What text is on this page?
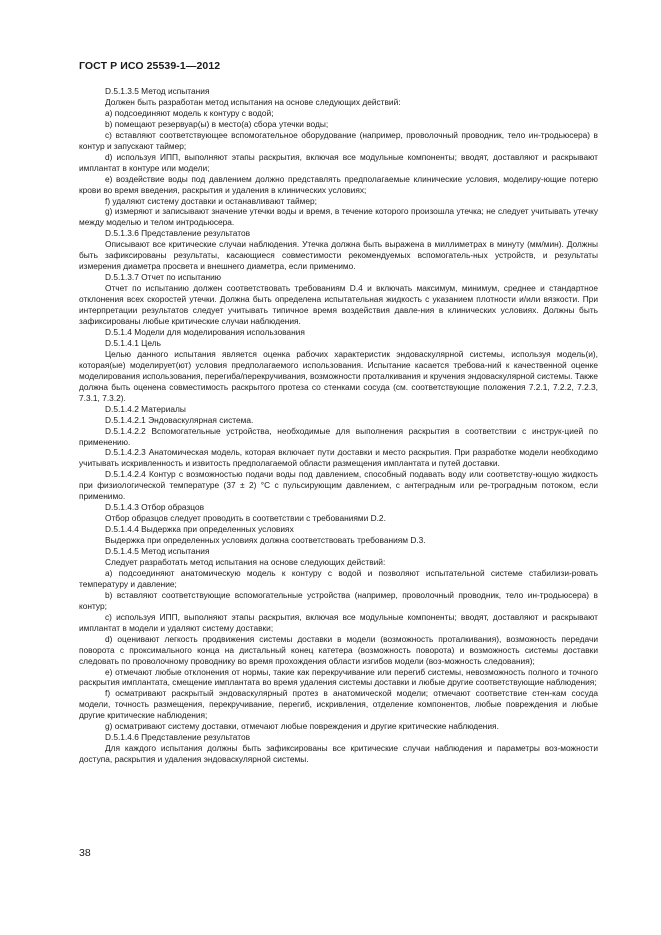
ГОСТ Р ИСО 25539-1—2012

D.5.1.3.5 Метод испытания

Должен быть разработан метод испытания на основе следующих действий:

a) подсоединяют модель к контуру с водой;

b) помещают резервуар(ы) в место(а) сбора утечки воды;

c) вставляют соответствующее вспомогательное оборудование (например, проволочный проводник, тело ин-тродьюсера) в контур и запускают таймер;

d) используя ИПП, выполняют этапы раскрытия, включая все модульные компоненты; вводят, доставляют и раскрывают имплантат в контуре или модели;

e) воздействие воды под давлением должно представлять предполагаемые клинические условия, моделиру-ющие потерю крови во время введения, раскрытия и удаления в клинических условиях;

f) удаляют систему доставки и останавливают таймер;

g) измеряют и записывают значение утечки воды и время, в течение которого произошла утечка; не следует учитывать утечку между моделью и телом интродьюсера.

D.5.1.3.6 Представление результатов

Описывают все критические случаи наблюдения. Утечка должна быть выражена в миллиметрах в минуту (мм/мин). Должны быть зафиксированы результаты, касающиеся совместимости рекомендуемых вспомогатель-ных устройств, и результаты измерения диаметра просвета и внешнего диаметра, если применимо.

D.5.1.3.7 Отчет по испытанию

Отчет по испытанию должен соответствовать требованиям D.4 и включать максимум, минимум, среднее и стандартное отклонения всех скоростей утечки. Должна быть определена испытательная жидкость с указанием плотности и/или вязкости. При интерпретации результатов следует учитывать типичное время воздействия давле-ния в клинических условиях. Должны быть зафиксированы любые критические случаи наблюдения.

D.5.1.4 Модели для моделирования использования

D.5.1.4.1 Цель

Целью данного испытания является оценка рабочих характеристик эндоваскулярной системы, используя модель(и), которая(ые) моделирует(ют) условия предполагаемого использования. Испытание касается требова-ний к качественной оценке моделирования использования, перегиба/перекручивания, возможности проталкивания и кручения эндоваскулярной системы. Также должна быть оценена совместимость раскрытого протеза со стенками сосуда (см. соответствующие положения 7.2.1, 7.2.2, 7.2.3, 7.3.1, 7.3.2).

D.5.1.4.2 Материалы

D.5.1.4.2.1 Эндоваскулярная система.

D.5.1.4.2.2 Вспомогательные устройства, необходимые для выполнения раскрытия в соответствии с инструк-цией по применению.

D.5.1.4.2.3 Анатомическая модель, которая включает пути доставки и место раскрытия. При разработке модели необходимо учитывать искривленность и извитость предполагаемой области размещения имплантата и путей доставки.

D.5.1.4.2.4 Контур с возможностью подачи воды под давлением, способный подавать воду или соответству-ющую жидкость при физиологической температуре (37 ± 2) °C с пульсирующим давлением, с антеградным или ре-троградным потоком, если применимо.

D.5.1.4.3 Отбор образцов

Отбор образцов следует проводить в соответствии с требованиями D.2.

D.5.1.4.4 Выдержка при определенных условиях

Выдержка при определенных условиях должна соответствовать требованиям D.3.

D.5.1.4.5 Метод испытания

Следует разработать метод испытания на основе следующих действий:

a) подсоединяют анатомическую модель к контуру с водой и позволяют испытательной системе стабилизи-ровать температуру и давление;

b) вставляют соответствующие вспомогательные устройства (например, проволочный проводник, тело ин-тродьюсера) в контур;

c) используя ИПП, выполняют этапы раскрытия, включая все модульные компоненты; вводят, доставляют и раскрывают имплантат в модели и удаляют систему доставки;

d) оценивают легкость продвижения системы доставки в модели (возможность проталкивания), возможность передачи поворота с проксимального конца на дистальный конец катетера (возможность поворота) и возможность системы доставки следовать по проволочному проводнику во время прохождения области изгибов модели (воз-можность следования);

e) отмечают любые отклонения от нормы, такие как перекручивание или перегиб системы, невозможность полного и точного раскрытия имплантата, смещение имплантата во время удаления системы доставки и любые другие соответствующие наблюдения;

f) осматривают раскрытый эндоваскулярный протез в анатомической модели; отмечают соответствие стен-кам сосуда модели, точность размещения, перекручивание, перегиб, искривления, отделение компонентов, любые повреждения и любые другие критические наблюдения;

g) осматривают систему доставки, отмечают любые повреждения и другие критические наблюдения.

D.5.1.4.6 Представление результатов

Для каждого испытания должны быть зафиксированы все критические случаи наблюдения и параметры воз-можности доступа, раскрытия и удаления эндоваскулярной системы.

38
